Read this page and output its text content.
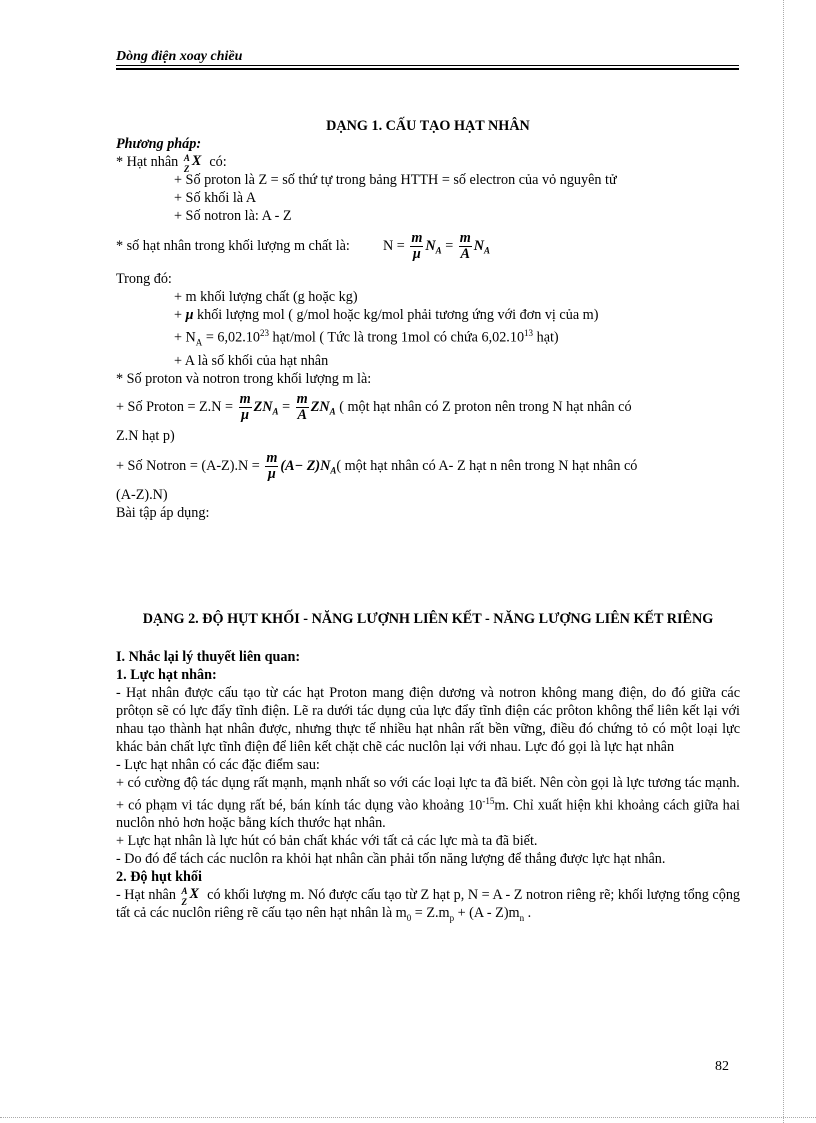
Dòng điện xoay chiều
DẠNG 1. CẤU TẠO HẠT NHÂN
Phương pháp:
* Hạt nhân A
Z X có:
+ Số proton là Z = số thứ tự trong bảng HTTH = số electron của vỏ nguyên tử
+ Số khối là A
+ Số notron là: A - Z
* số hạt nhân trong khối lượng m chất là: $N = \frac{m}{\mu} N_A = \frac{m}{A} N_A$
Trong đó:
+ m khối lượng chất (g hoặc kg)
+ μ khối lượng mol ( g/mol hoặc kg/mol phải tương ứng với đơn vị của m)
+ $N_A = 6,02.10^{23}$ hạt/mol ( Tức là trong 1mol có chứa 6,02.10$^{13}$ hạt)
+ A là số khối của hạt nhân
* Số proton và notron trong khối lượng m là:
+ Số Proton = $Z.N = \frac{m}{\mu} ZN_A = \frac{m}{A} ZN_A$ ( một hạt nhân có Z proton nên trong N hạt nhân có
Z.N hạt p)
+ Số Notron = $(A-Z).N = \frac{m}{\mu} (A- Z)N_A$( một hạt nhân có A- Z hạt n nên trong N hạt nhân có
(A-Z).N)
Bài tập áp dụng:
DẠNG 2. ĐỘ HỤT KHỐI - NĂNG LƯỢNH LIÊN KẾT - NĂNG LƯỢNG LIÊN KẾT RIÊNG
I. Nhắc lại lý thuyết liên quan:
1. Lực hạt nhân:
- Hạt nhân được cấu tạo từ các hạt Proton mang điện dương và notron không mang điện, do đó giữa các prôtọn sẽ có lực đẩy tĩnh điện. Lẽ ra dưới tác dụng của lực đẩy tĩnh điện các prôton không thể liên kết lại với nhau tạo thành hạt nhân được, nhưng thực tế nhiều hạt nhân rất bền vững, điều đó chứng tỏ có một loại lực khác bản chất lực tĩnh điện để liên kết chặt chẽ các nuclôn lại với nhau. Lực đó gọi là lực hạt nhân
- Lực hạt nhân có các đặc điểm sau:
+ có cường độ tác dụng rất mạnh, mạnh nhất so với các loại lực ta đã biết. Nên còn gọi là lực tương tác mạnh.
+ có phạm vi tác dụng rất bé, bán kính tác dụng vào khoảng $10^{-15}m$. Chỉ xuất hiện khi khoảng cách giữa hai nuclôn nhỏ hơn hoặc bằng kích thước hạt nhân.
+ Lực hạt nhân là lực hút có bản chất khác với tất cả các lực mà ta đã biết.
- Do đó để tách các nuclôn ra khỏi hạt nhân cần phải tốn năng lượng để thắng được lực hạt nhân.
2. Độ hụt khối
- Hạt nhân A
Z X có khối lượng m. Nó được cấu tạo từ Z hạt p, N = A - Z notron riêng rẽ; khối lượng tổng cộng tất cả các nuclôn riêng rẽ cấu tạo nên hạt nhân là $m_0 = Z.m_p + (A - Z)m_n$ .
82
